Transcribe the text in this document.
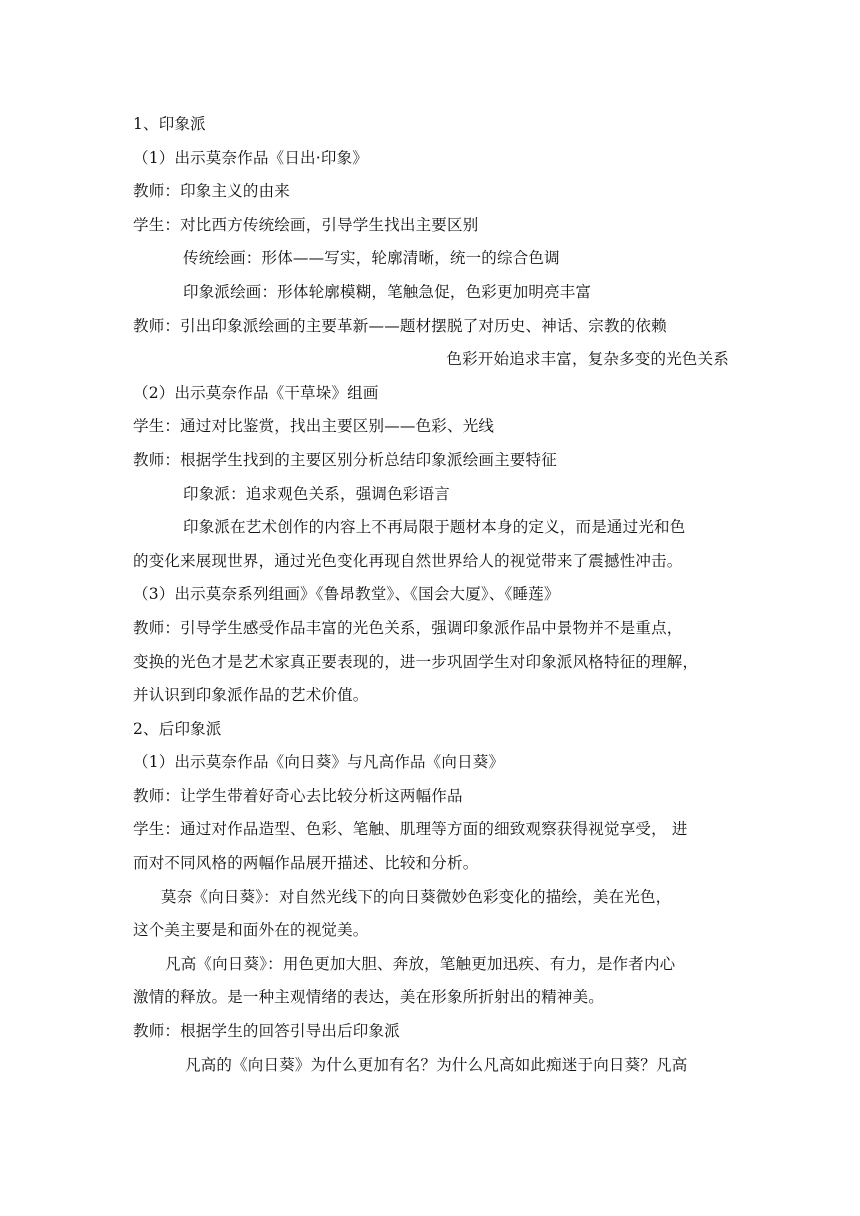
1、印象派
（1）出示莫奈作品《日出·印象》
教师：印象主义的由来
学生：对比西方传统绘画，引导学生找出主要区别
传统绘画：形体——写实，轮廓清晰，统一的综合色调
印象派绘画：形体轮廓模糊，笔触急促，色彩更加明亮丰富
教师：引出印象派绘画的主要革新——题材摆脱了对历史、神话、宗教的依赖
色彩开始追求丰富，复杂多变的光色关系
（2）出示莫奈作品《干草垛》组画
学生：通过对比鉴赏，找出主要区别——色彩、光线
教师：根据学生找到的主要区别分析总结印象派绘画主要特征
印象派：追求观色关系，强调色彩语言
印象派在艺术创作的内容上不再局限于题材本身的定义，而是通过光和色
的变化来展现世界，通过光色变化再现自然世界给人的视觉带来了震撼性冲击。
（3）出示莫奈系列组画》《鲁昂教堂》、《国会大厦》、《睡莲》
教师：引导学生感受作品丰富的光色关系，强调印象派作品中景物并不是重点，
变换的光色才是艺术家真正要表现的，进一步巩固学生对印象派风格特征的理解，
并认识到印象派作品的艺术价值。
2、后印象派
（1）出示莫奈作品《向日葵》与凡高作品《向日葵》
教师：让学生带着好奇心去比较分析这两幅作品
学生：通过对作品造型、色彩、笔触、肌理等方面的细致观察获得视觉享受， 进
而对不同风格的两幅作品展开描述、比较和分析。
莫奈《向日葵》：对自然光线下的向日葵微妙色彩变化的描绘，美在光色，
这个美主要是和面外在的视觉美。
凡高《向日葵》：用色更加大胆、奔放，笔触更加迅疾、有力，是作者内心
激情的释放。是一种主观情绪的表达，美在形象所折射出的精神美。
教师：根据学生的回答引导出后印象派
凡高的《向日葵》为什么更加有名？为什么凡高如此痴迷于向日葵？凡高
